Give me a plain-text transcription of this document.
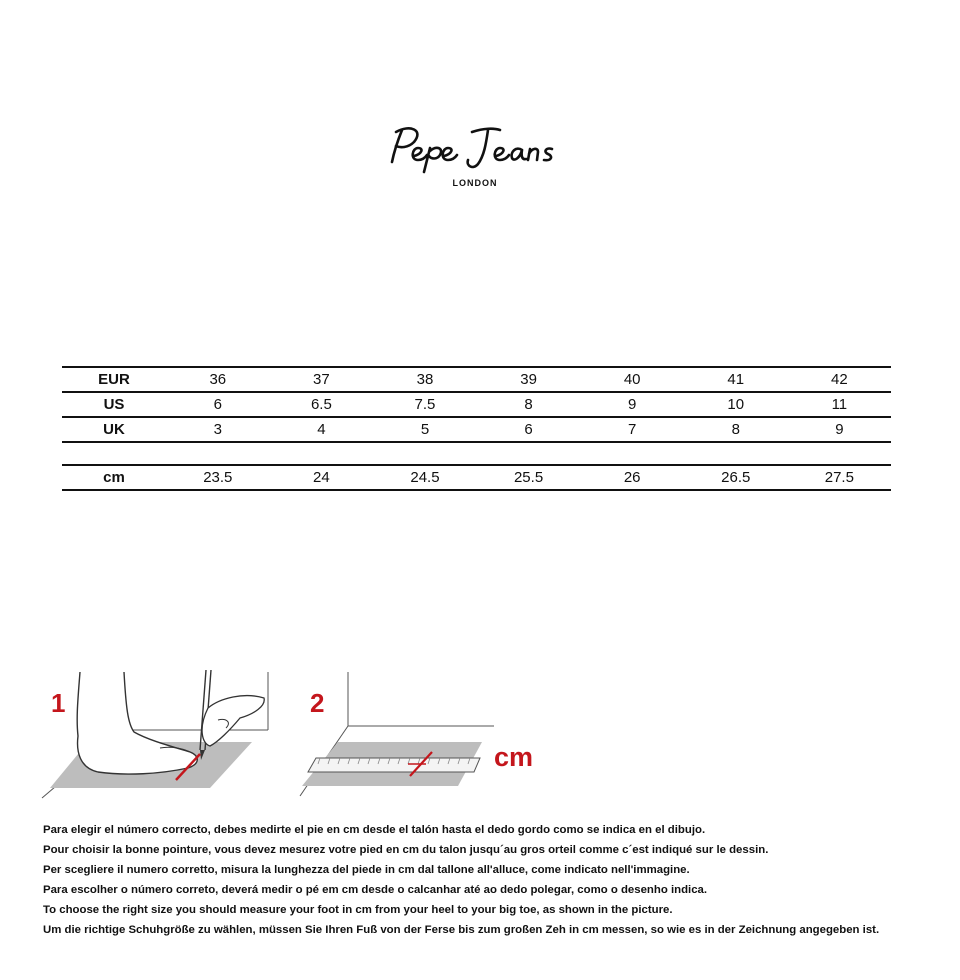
LONDON
EUR	36	37	38	39	40	41	42
US	6	6.5	7.5	8	9	10	11
UK	3	4	5	6	7	8	9
cm	23.5	24	24.5	25.5	26	26.5	27.5
1	2
cm

Para elegir el número correcto, debes medirte el pie en cm desde el talón hasta el dedo gordo como se indica en el dibujo.

Pour choisir la bonne pointure, vous devez mesurez votre pied en cm du talon jusqu´au gros orteil comme c´est indiqué sur le dessin.

Per scegliere il numero corretto, misura la lunghezza del piede in cm dal tallone all'alluce, come indicato nell'immagine.

Para escolher o número correto, deverá medir o pé em cm desde o calcanhar até ao dedo polegar, como o desenho indica.

To choose the right size you should measure your foot in cm from your heel to your big toe, as shown in the picture.

Um die richtige Schuhgröße zu wählen, müssen Sie Ihren Fuß von der Ferse bis zum großen Zeh in cm messen, so wie es in der Zeichnung angegeben ist.
